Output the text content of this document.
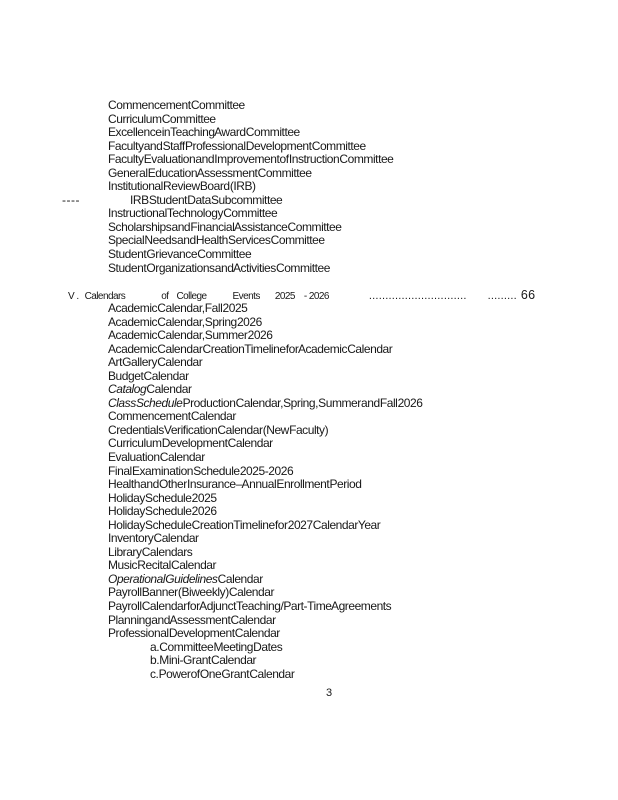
Commencement Committee
Curriculum Committee
Excellence in Teaching Award Committee
Faculty and Staff Professional Development Committee
Faculty Evaluation and Improvement of Instruction Committee
General Education Assessment Committee
Institutional Review Board (IRB)
----	IRB Student Data Subcommittee
Instructional Technology Committee
Scholarships and Financial Assistance Committee
Special Needs and Health Services Committee
Student Grievance Committee
Student Organizations and Activities Committee
V . Calendars	of College	Events 2025 - 2026	.............................. ......... 66
Academic Calendar, Fall 2025
Academic Calendar, Spring 2026
Academic Calendar, Summer 2026
Academic Calendar Creation Timeline for Academic Calendar
Art Gallery Calendar
Budget Calendar
Catalog Calendar
Class Schedule Production Calendar, Spring, Summer and Fall 2026
Commencement Calendar
Credentials Verification Calendar (New Faculty)
Curriculum Development Calendar
Evaluation Calendar
Final Examination Schedule 2025-2026
Health and Other Insurance – Annual Enrollment Period
Holiday Schedule 2025
Holiday Schedule 2026
Holiday Schedule Creation Timeline for 2027 Calendar Year
Inventory Calendar
Library Calendars
Music Recital Calendar
Operational Guidelines Calendar
Payroll Banner (Biweekly) Calendar
Payroll Calendar for Adjunct Teaching/Part-Time Agreements
Planning and Assessment Calendar
Professional Development Calendar
a. Committee Meeting Dates
b. Mini-Grant Calendar
c. Power of One Grant Calendar
3
